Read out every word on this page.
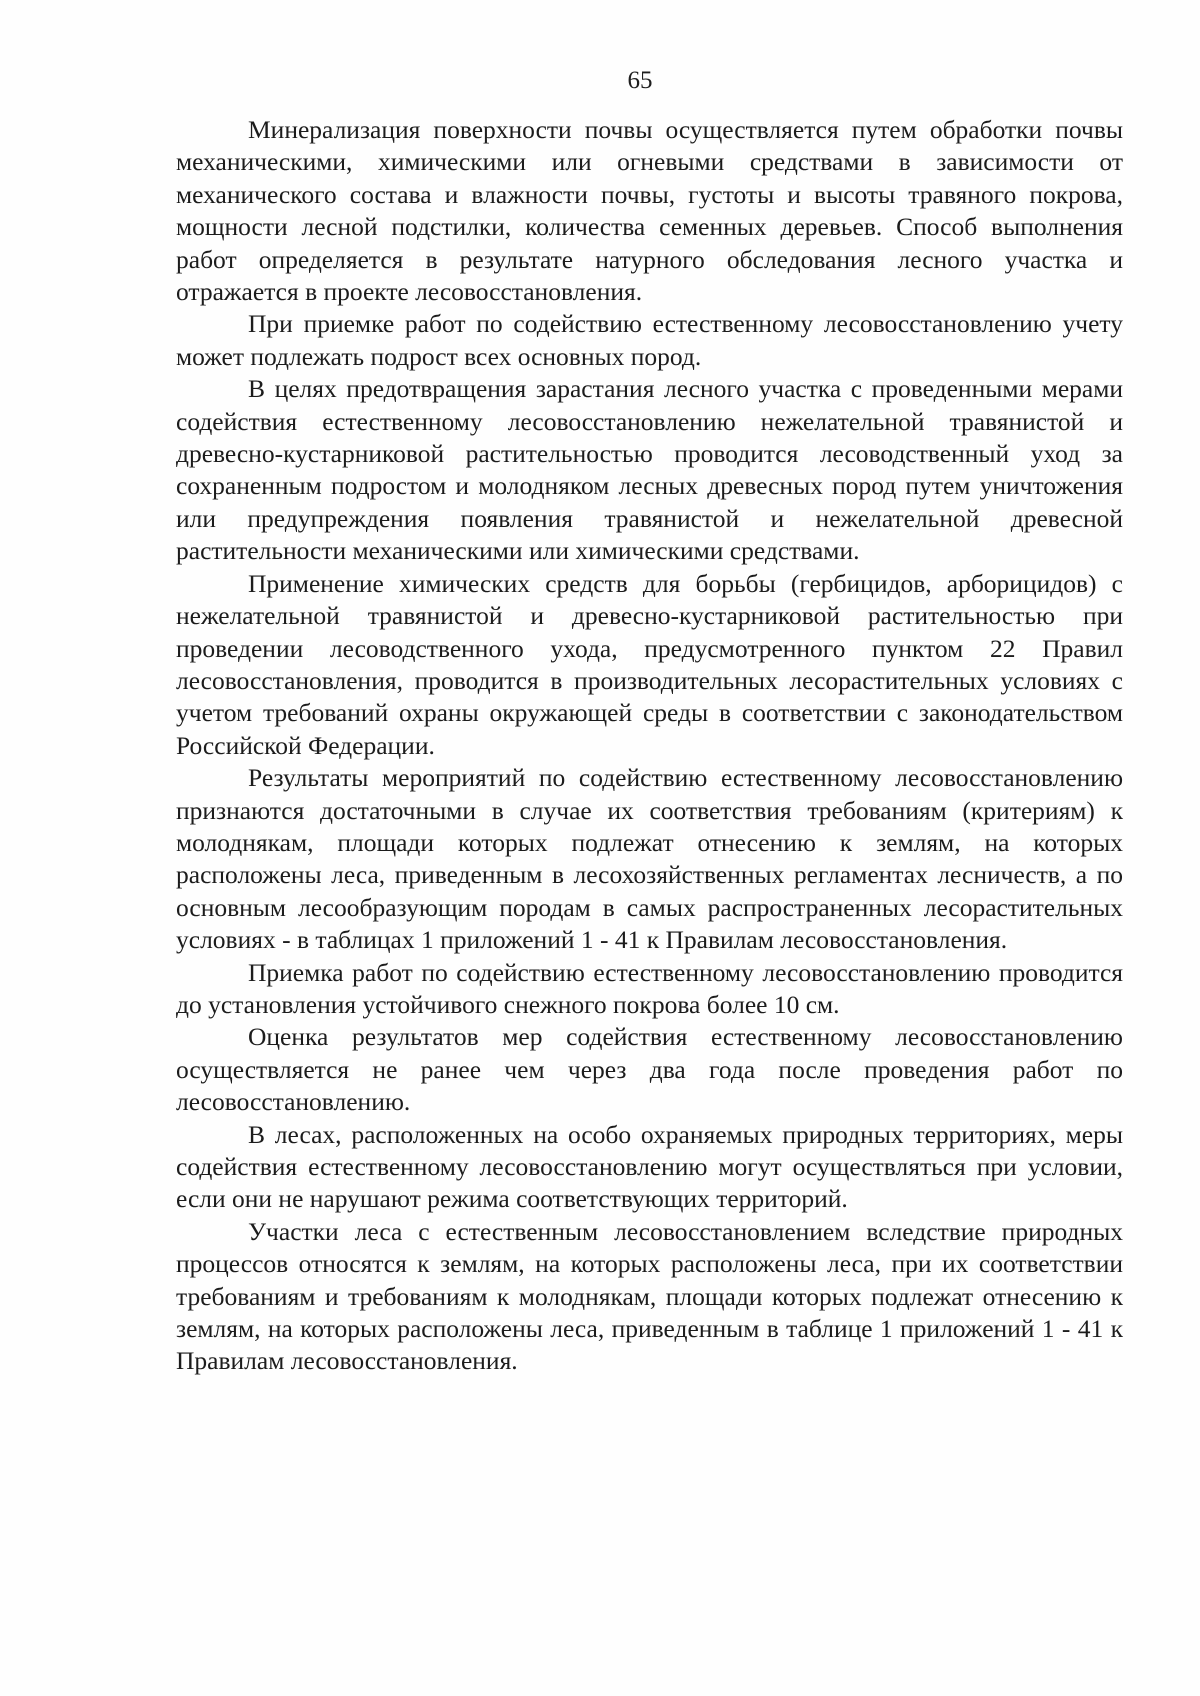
65

Минерализация поверхности почвы осуществляется путем обработки почвы механическими, химическими или огневыми средствами в зависимости от механического состава и влажности почвы, густоты и высоты травяного покрова, мощности лесной подстилки, количества семенных деревьев. Способ выполнения работ определяется в результате натурного обследования лесного участка и отражается в проекте лесовосстановления.

При приемке работ по содействию естественному лесовосстановлению учету может подлежать подрост всех основных пород.

В целях предотвращения зарастания лесного участка с проведенными мерами содействия естественному лесовосстановлению нежелательной травянистой и древесно-кустарниковой растительностью проводится лесоводственный уход за сохраненным подростом и молодняком лесных древесных пород путем уничтожения или предупреждения появления травянистой и нежелательной древесной растительности механическими или химическими средствами.

Применение химических средств для борьбы (гербицидов, арборицидов) с нежелательной травянистой и древесно-кустарниковой растительностью при проведении лесоводственного ухода, предусмотренного пунктом 22 Правил лесовосстановления, проводится в производительных лесорастительных условиях с учетом требований охраны окружающей среды в соответствии с законодательством Российской Федерации.

Результаты мероприятий по содействию естественному лесовосстановлению признаются достаточными в случае их соответствия требованиям (критериям) к молоднякам, площади которых подлежат отнесению к землям, на которых расположены леса, приведенным в лесохозяйственных регламентах лесничеств, а по основным лесообразующим породам в самых распространенных лесорастительных условиях - в таблицах 1 приложений 1 - 41 к Правилам лесовосстановления.

Приемка работ по содействию естественному лесовосстановлению проводится до установления устойчивого снежного покрова более 10 см.

Оценка результатов мер содействия естественному лесовосстановлению осуществляется не ранее чем через два года после проведения работ по лесовосстановлению.

В лесах, расположенных на особо охраняемых природных территориях, меры содействия естественному лесовосстановлению могут осуществляться при условии, если они не нарушают режима соответствующих территорий.

Участки леса с естественным лесовосстановлением вследствие природных процессов относятся к землям, на которых расположены леса, при их соответствии требованиям и требованиям к молоднякам, площади которых подлежат отнесению к землям, на которых расположены леса, приведенным в таблице 1 приложений 1 - 41 к Правилам лесовосстановления.
